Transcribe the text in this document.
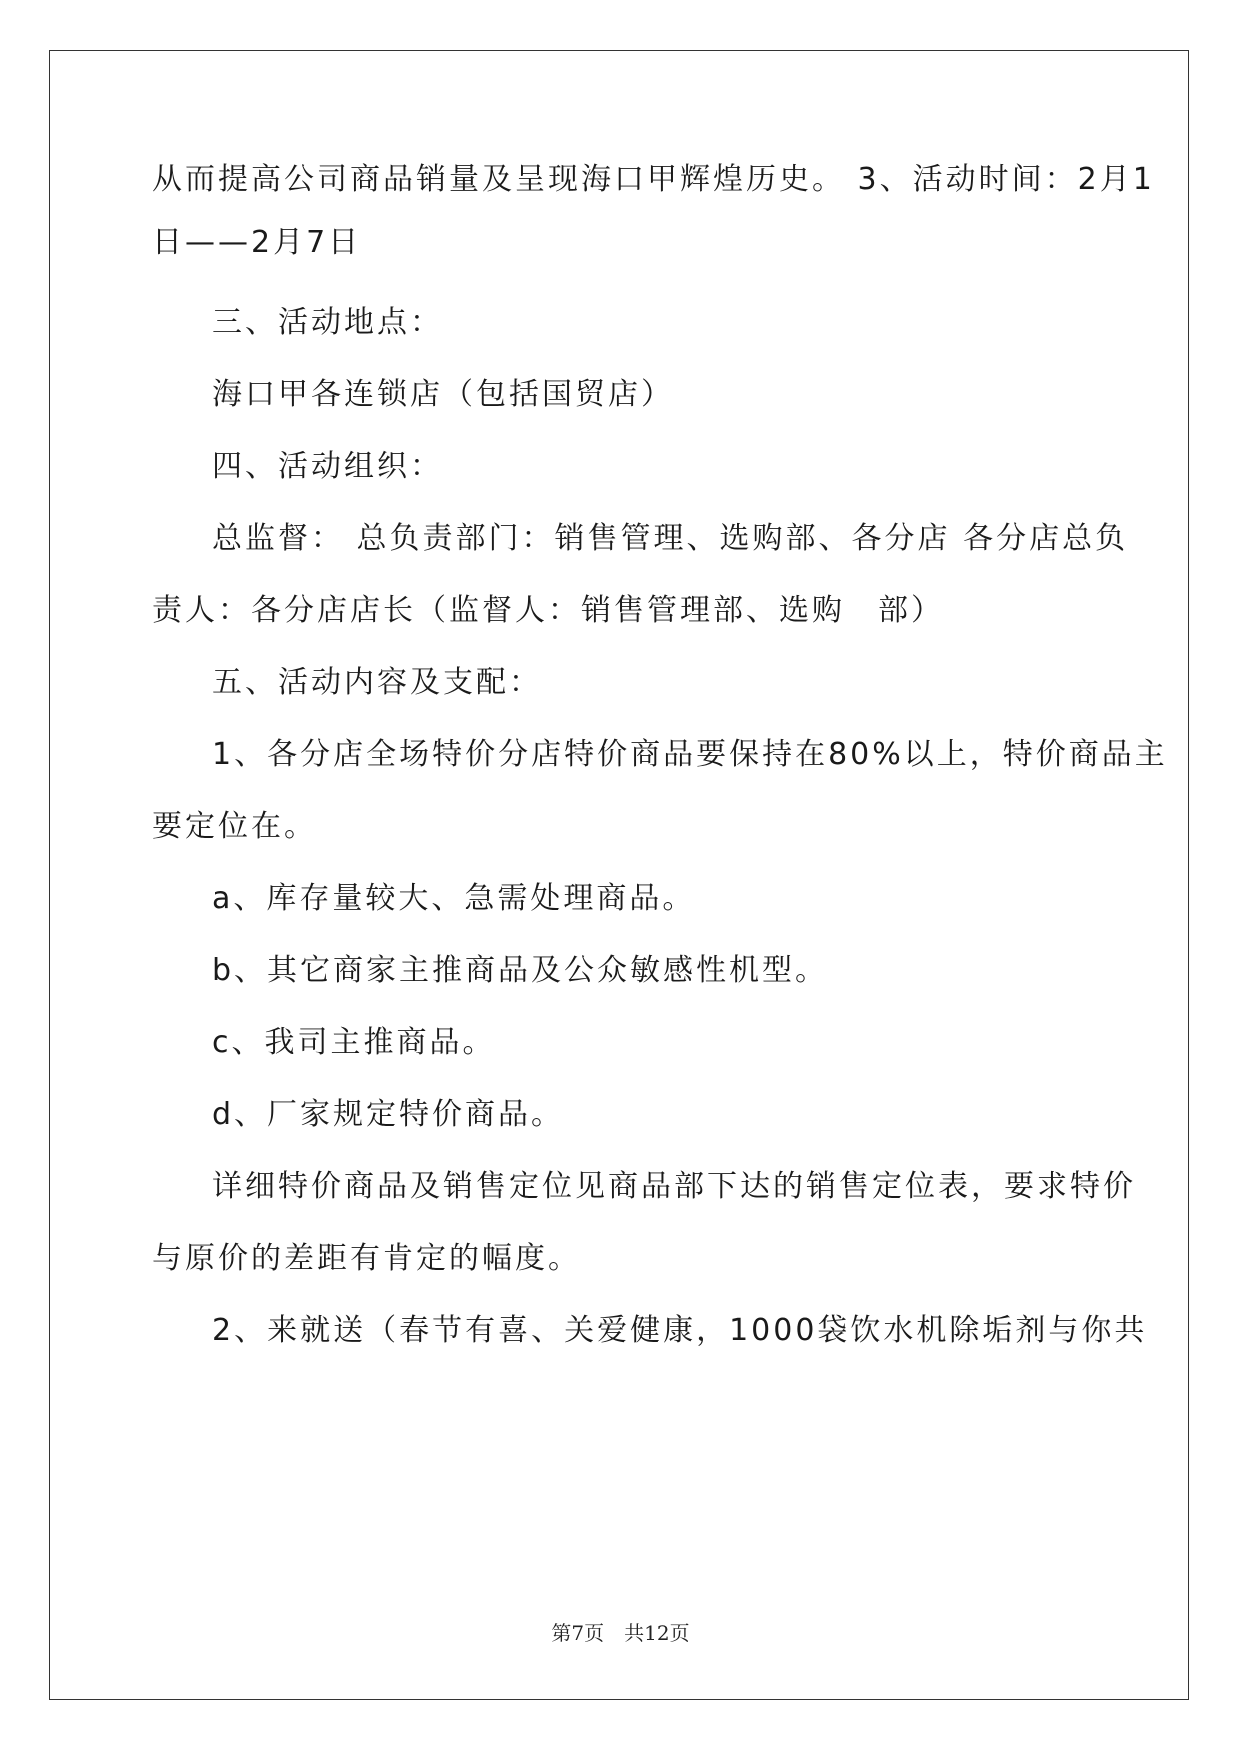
从而提高公司商品销量及呈现海口甲辉煌历史。 3、活动时间：2月1
日——2月7日
三、活动地点：
海口甲各连锁店（包括国贸店）
四、活动组织：
总监督： 总负责部门：销售管理、选购部、各分店 各分店总负
责人：各分店店长（监督人：销售管理部、选购　部）
五、活动内容及支配：
1、各分店全场特价分店特价商品要保持在80%以上，特价商品主
要定位在。
a、库存量较大、急需处理商品。
b、其它商家主推商品及公众敏感性机型。
c、我司主推商品。
d、厂家规定特价商品。
详细特价商品及销售定位见商品部下达的销售定位表，要求特价
与原价的差距有肯定的幅度。
2、来就送（春节有喜、关爱健康，1000袋饮水机除垢剂与你共
第7页　共12页
